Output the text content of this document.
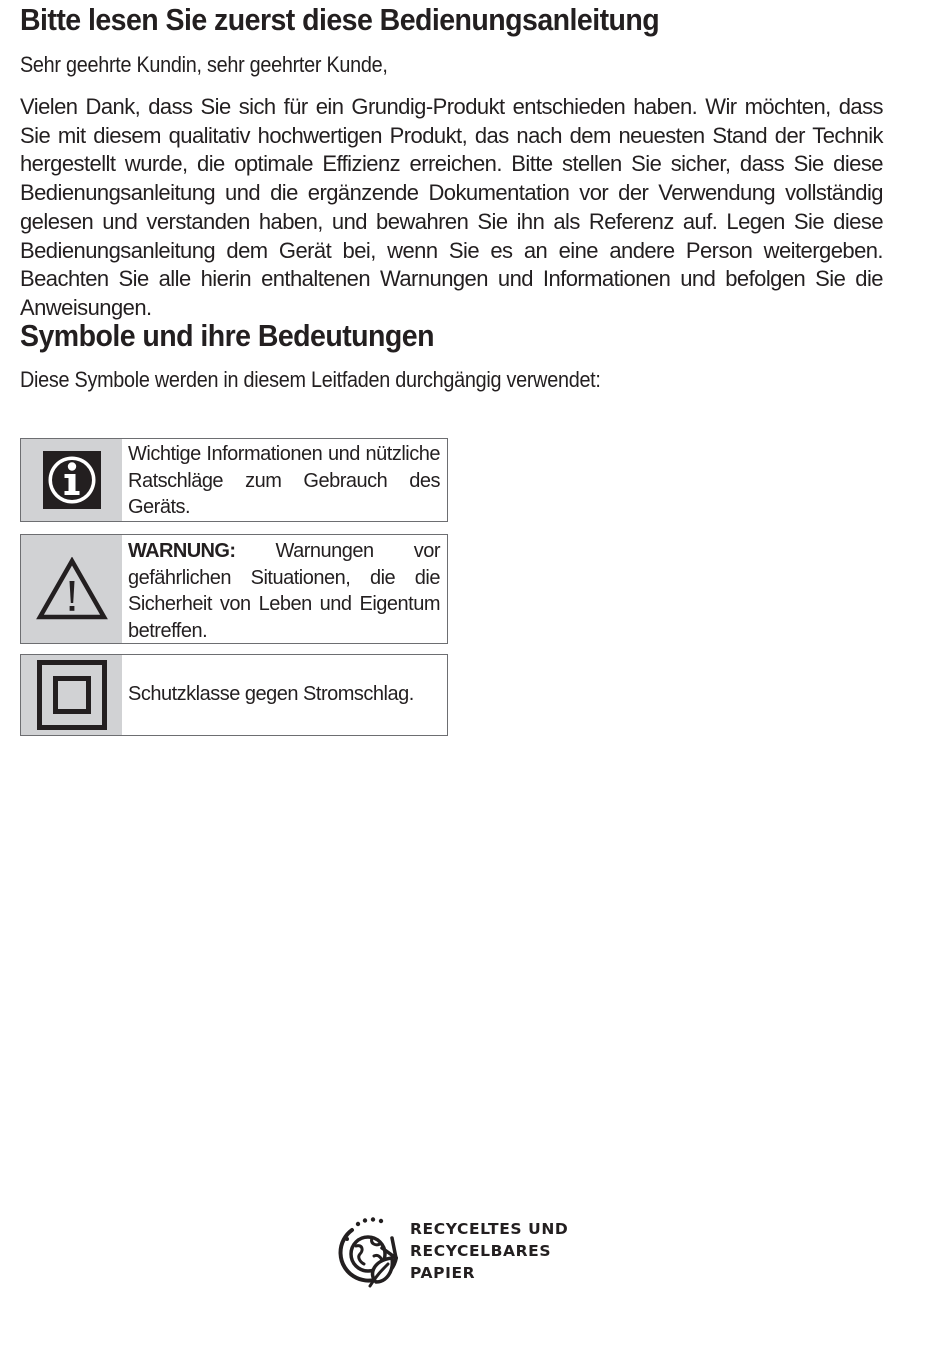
Bitte lesen Sie zuerst diese Bedienungsanleitung

Sehr geehrte Kundin, sehr geehrter Kunde,

Vielen Dank, dass Sie sich für ein Grundig-Produkt entschieden haben. Wir möchten, dass Sie mit diesem qualitativ hochwertigen Produkt, das nach dem neuesten Stand der Technik hergestellt wurde, die optimale Effizienz erreichen. Bitte stellen Sie sicher, dass Sie diese Bedienungsanleitung und die ergänzende Dokumentation vor der Verwendung vollständig gelesen und verstanden haben, und bewahren Sie ihn als Referenz auf. Legen Sie diese Bedienungsanleitung dem Gerät bei, wenn Sie es an eine andere Person weitergeben. Beachten Sie alle hierin enthaltenen Warnungen und Informationen und befolgen Sie die Anweisungen.

Symbole und ihre Bedeutungen

Diese Symbole werden in diesem Leitfaden durchgängig verwendet:

Wichtige Informationen und nützliche Ratschläge zum Gebrauch des Geräts.
WARNUNG: Warnungen vor gefährlichen Situationen, die die Sicherheit von Leben und Eigentum betreffen.
Schutzklasse gegen Stromschlag.
RECYCELTES UND
RECYCELBARES
PAPIER
